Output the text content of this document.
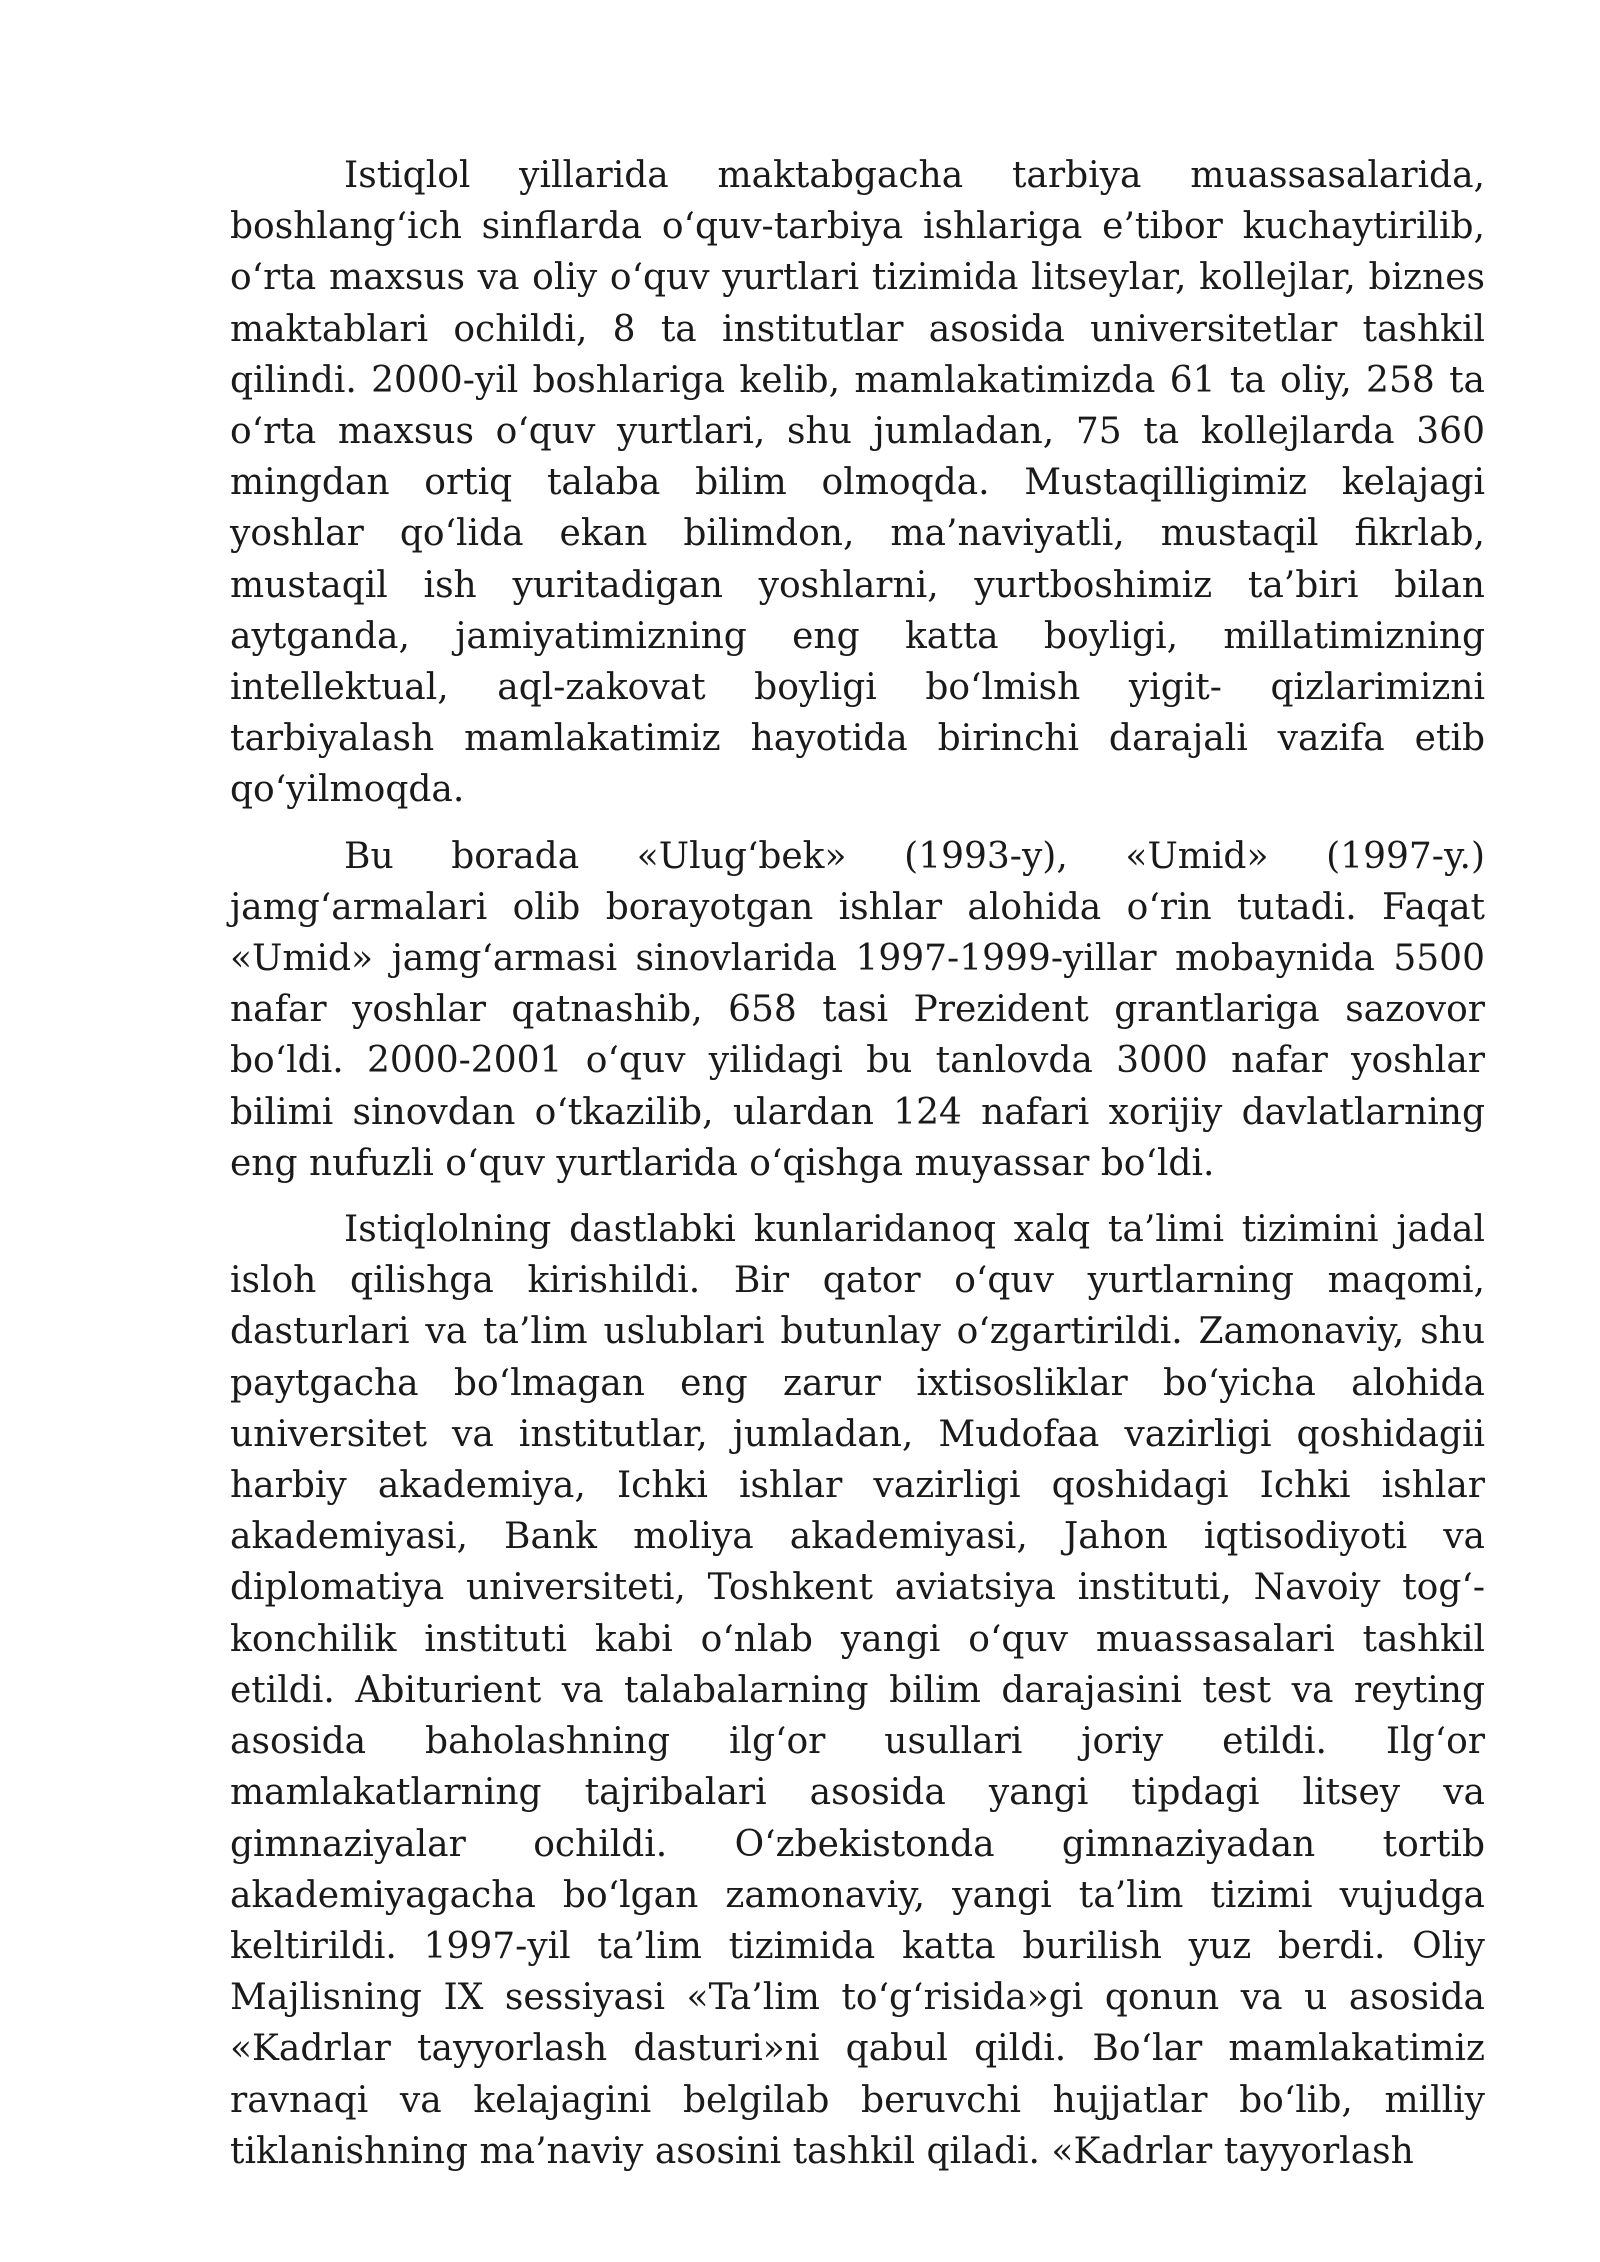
Istiqlol yillarida maktabgacha tarbiya muassasalarida, boshlang‘ich sinflarda o‘quv-tarbiya ishlariga e’tibor kuchaytirilib, o‘rta maxsus va oliy o‘quv yurtlari tizimida litseylar, kollejlar, biznes maktablari ochildi, 8 ta institutlar asosida universitetlar tashkil qilindi. 2000-yil boshlariga kelib, mamlakatimizda 61 ta oliy, 258 ta o‘rta maxsus o‘quv yurtlari, shu jumladan, 75 ta kollejlarda 360 mingdan ortiq talaba bilim olmoqda. Mustaqilligimiz kelajagi yoshlar qo‘lida ekan bilimdon, ma’naviyatli, mustaqil fikrlab, mustaqil ish yuritadigan yoshlarni, yurtboshimiz ta’biri bilan aytganda, jamiyatimizning eng katta boyligi, millatimizning intellektual, aql-zakovat boyligi bo‘lmish yigit- qizlarimizni tarbiyalash mamlakatimiz hayotida birinchi darajali vazifa etib qo‘yilmoqda.

Bu borada «Ulug‘bek» (1993-y), «Umid» (1997-y.) jamg‘armalari olib borayotgan ishlar alohida o‘rin tutadi. Faqat «Umid» jamg‘armasi sinovlarida 1997-1999-yillar mobaynida 5500 nafar yoshlar qatnashib, 658 tasi Prezident grantlariga sazovor bo‘ldi. 2000-2001 o‘quv yilidagi bu tanlovda 3000 nafar yoshlar bilimi sinovdan o‘tkazilib, ulardan 124 nafari xorijiy davlatlarning eng nufuzli o‘quv yurtlarida o‘qishga muyassar bo‘ldi.

Istiqlolning dastlabki kunlaridanoq xalq ta’limi tizimini jadal isloh qilishga kirishildi. Bir qator o‘quv yurtlarning maqomi, dasturlari va ta’lim uslublari butunlay o‘zgartirildi. Zamonaviy, shu paytgacha bo‘lmagan eng zarur ixtisosliklar bo‘yicha alohida universitet va institutlar, jumladan, Mudofaa vazirligi qoshidagii harbiy akademiya, Ichki ishlar vazirligi qoshidagi Ichki ishlar akademiyasi, Bank moliya akademiyasi, Jahon iqtisodiyoti va diplomatiya universiteti, Toshkent aviatsiya instituti, Navoiy tog‘-konchilik instituti kabi o‘nlab yangi o‘quv muassasalari tashkil etildi. Abiturient va talabalarning bilim darajasini test va reyting asosida baholashning ilg‘or usullari joriy etildi. Ilg‘or mamlakatlarning tajribalari asosida yangi tipdagi litsey va gimnaziyalar ochildi. O‘zbekistonda gimnaziyadan tortib akademiyagacha bo‘lgan zamonaviy, yangi ta’lim tizimi vujudga keltirildi. 1997-yil ta’lim tizimida katta burilish yuz berdi. Oliy Majlisning IX sessiyasi «Ta’lim to‘g‘risida»gi qonun va u asosida «Kadrlar tayyorlash dasturi»ni qabul qildi. Bo‘lar mamlakatimiz ravnaqi va kelajagini belgilab beruvchi hujjatlar bo‘lib, milliy tiklanishning ma’naviy asosini tashkil qiladi. «Kadrlar tayyorlash
